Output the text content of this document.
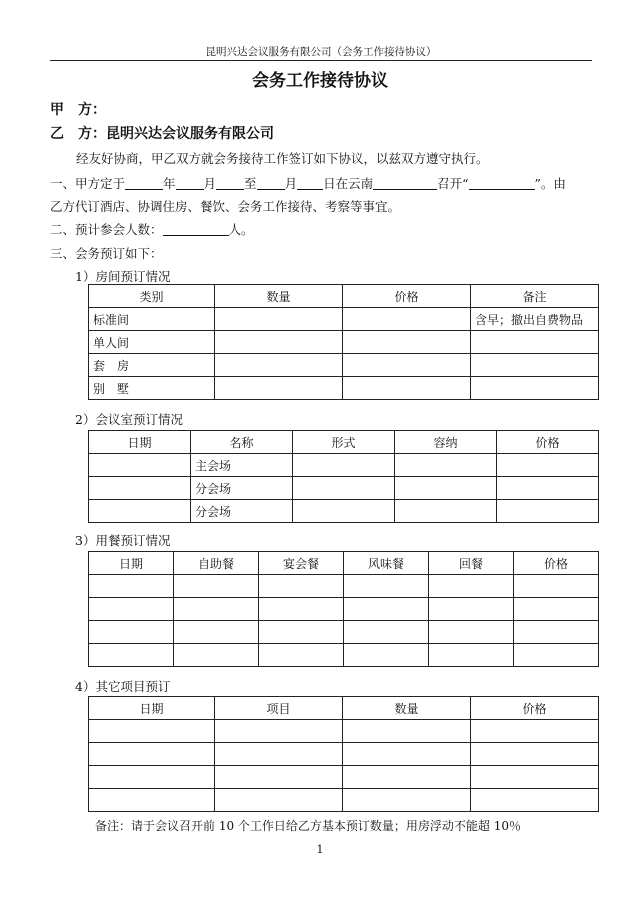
昆明兴达会议服务有限公司（会务工作接待协议）
会务工作接待协议
甲　方：
乙　方：昆明兴达会议服务有限公司
经友好协商，甲乙双方就会务接待工作签订如下协议，以兹双方遵守执行。
一、甲方定于	年 月 至 月 日在云南	召开“	”。由
乙方代订酒店、协调住房、餐饮、会务工作接待、考察等事宜。
二、预计参会人数：	人。
三、会务预订如下：
1）房间预订情况
类别	数量	价格	备注
标准间			含早；撤出自费物品
单人间			
套　房			
别　墅			
2）会议室预订情况
日期	名称	形式	容纳	价格
	主会场			
	分会场			
	分会场			
3）用餐预订情况
日期	自助餐	宴会餐	风味餐	回餐	价格

4）其它项目预订
日期	项目	数量	价格

备注：请于会议召开前 10 个工作日给乙方基本预订数量；用房浮动不能超 10％
1
